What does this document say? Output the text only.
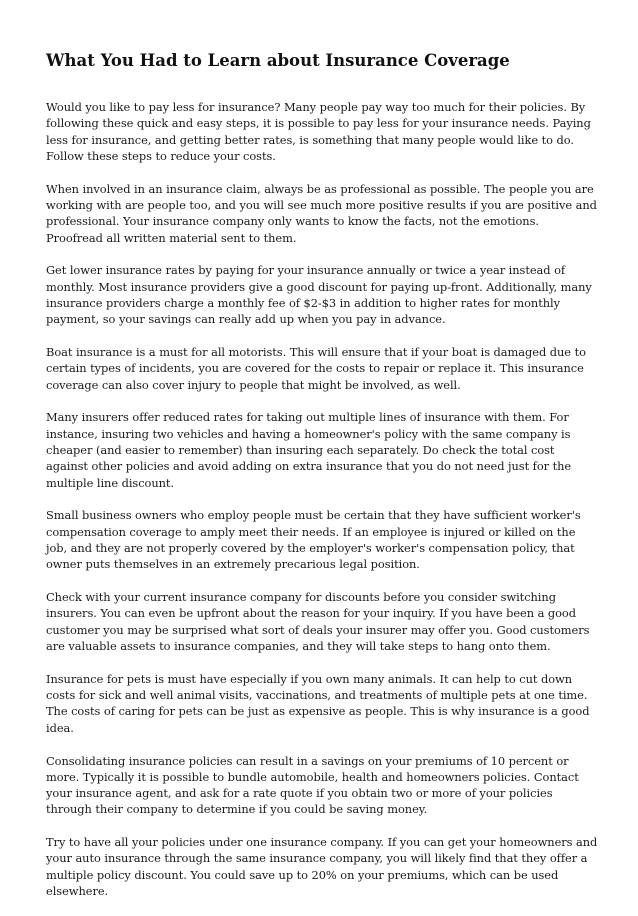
What You Had to Learn about Insurance Coverage

Would you like to pay less for insurance? Many people pay way too much for their policies. By following these quick and easy steps, it is possible to pay less for your insurance needs. Paying less for insurance, and getting better rates, is something that many people would like to do. Follow these steps to reduce your costs.

When involved in an insurance claim, always be as professional as possible. The people you are working with are people too, and you will see much more positive results if you are positive and professional. Your insurance company only wants to know the facts, not the emotions. Proofread all written material sent to them.

Get lower insurance rates by paying for your insurance annually or twice a year instead of monthly. Most insurance providers give a good discount for paying up-front. Additionally, many insurance providers charge a monthly fee of $2-$3 in addition to higher rates for monthly payment, so your savings can really add up when you pay in advance.

Boat insurance is a must for all motorists. This will ensure that if your boat is damaged due to certain types of incidents, you are covered for the costs to repair or replace it. This insurance coverage can also cover injury to people that might be involved, as well.

Many insurers offer reduced rates for taking out multiple lines of insurance with them. For instance, insuring two vehicles and having a homeowner's policy with the same company is cheaper (and easier to remember) than insuring each separately. Do check the total cost against other policies and avoid adding on extra insurance that you do not need just for the multiple line discount.

Small business owners who employ people must be certain that they have sufficient worker's compensation coverage to amply meet their needs. If an employee is injured or killed on the job, and they are not properly covered by the employer's worker's compensation policy, that owner puts themselves in an extremely precarious legal position.

Check with your current insurance company for discounts before you consider switching insurers. You can even be upfront about the reason for your inquiry. If you have been a good customer you may be surprised what sort of deals your insurer may offer you. Good customers are valuable assets to insurance companies, and they will take steps to hang onto them.

Insurance for pets is must have especially if you own many animals. It can help to cut down costs for sick and well animal visits, vaccinations, and treatments of multiple pets at one time. The costs of caring for pets can be just as expensive as people. This is why insurance is a good idea.

Consolidating insurance policies can result in a savings on your premiums of 10 percent or more. Typically it is possible to bundle automobile, health and homeowners policies. Contact your insurance agent, and ask for a rate quote if you obtain two or more of your policies through their company to determine if you could be saving money.

Try to have all your policies under one insurance company. If you can get your homeowners and your auto insurance through the same insurance company, you will likely find that they offer a multiple policy discount. You could save up to 20% on your premiums, which can be used elsewhere.
